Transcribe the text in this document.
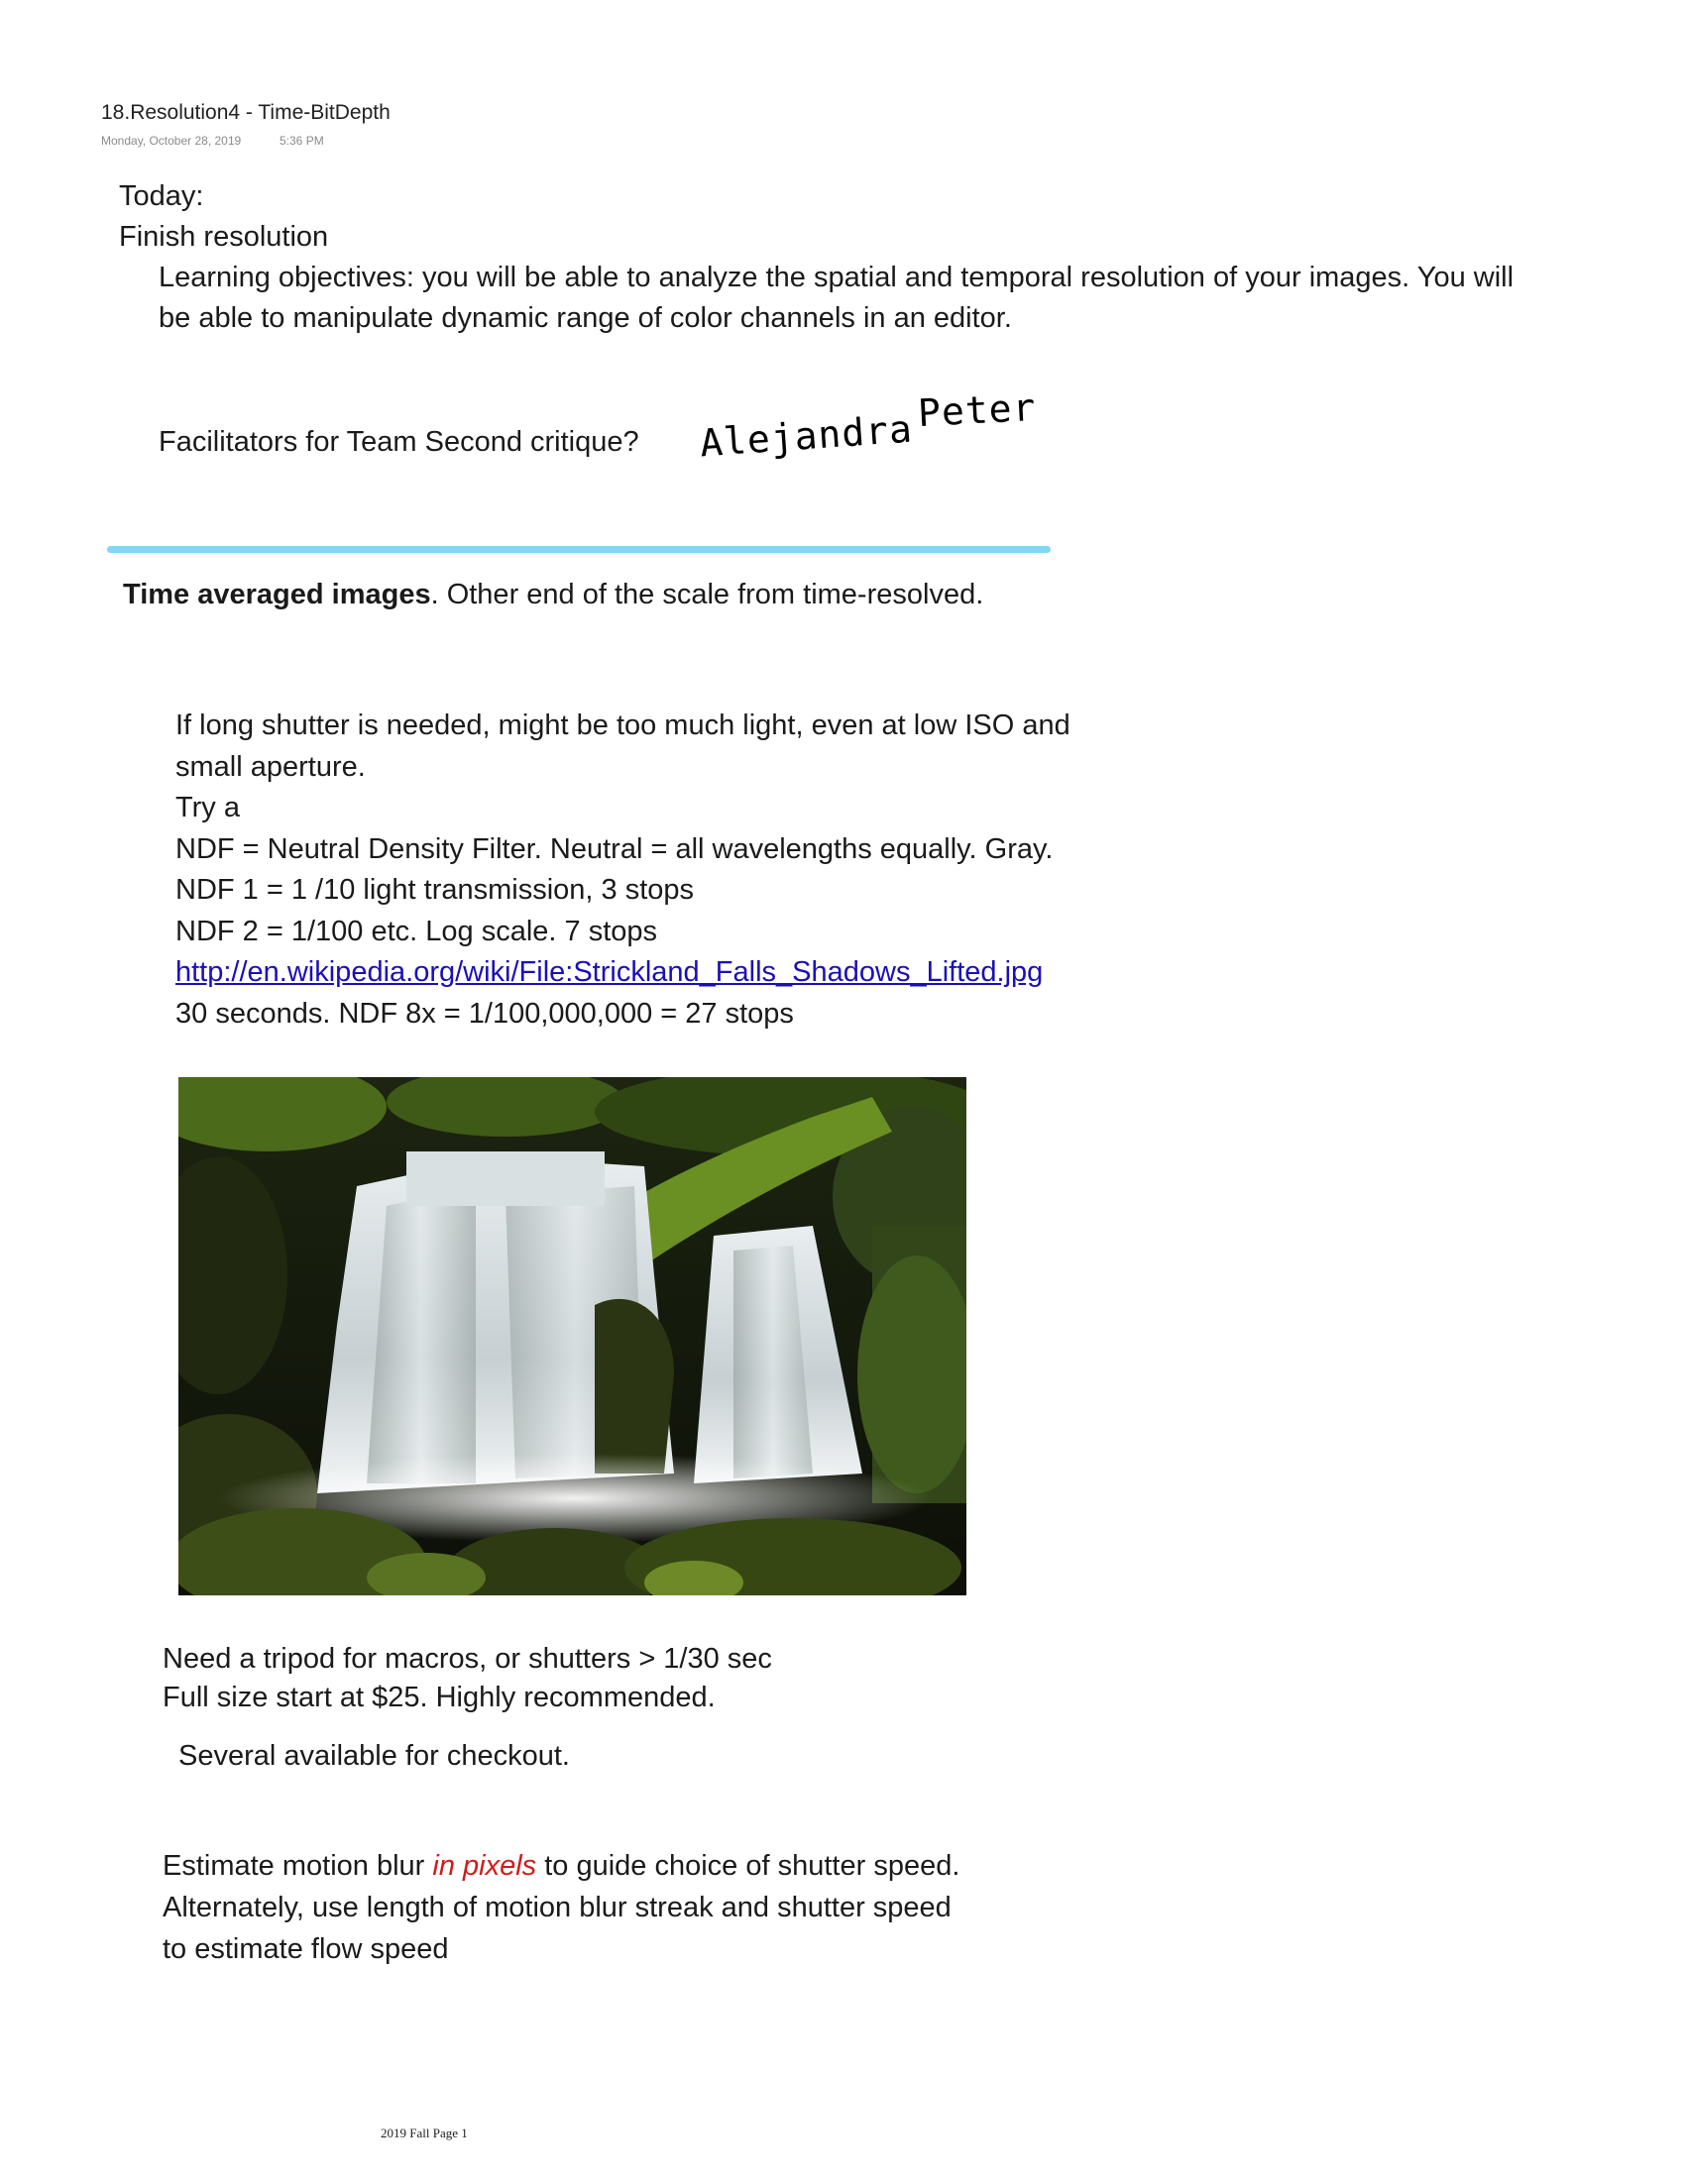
18.Resolution4 - Time-BitDepth
Monday, October 28, 2019	5:36 PM
Today:
Finish resolution
Learning objectives: you will be able to analyze the spatial and temporal resolution of your images. You will
be able to manipulate dynamic range of color channels in an editor.
Facilitators for Team Second critique? Alejandra Peter
Time averaged images. Other end of the scale from time-resolved.
If long shutter is needed, might be too much light, even at low ISO and
small aperture.
Try a
NDF = Neutral Density Filter. Neutral = all wavelengths equally. Gray.
NDF 1 = 1 /10 light transmission, 3 stops
NDF 2 = 1/100 etc. Log scale. 7 stops
http://en.wikipedia.org/wiki/File:Strickland_Falls_Shadows_Lifted.jpg
30 seconds. NDF 8x = 1/100,000,000 = 27 stops
Need a tripod for macros, or shutters > 1/30 sec
Full size start at $25. Highly recommended.
Several available for checkout.
Estimate motion blur in pixels to guide choice of shutter speed.
Alternately, use length of motion blur streak and shutter speed
to estimate flow speed
2019 Fall Page 1
